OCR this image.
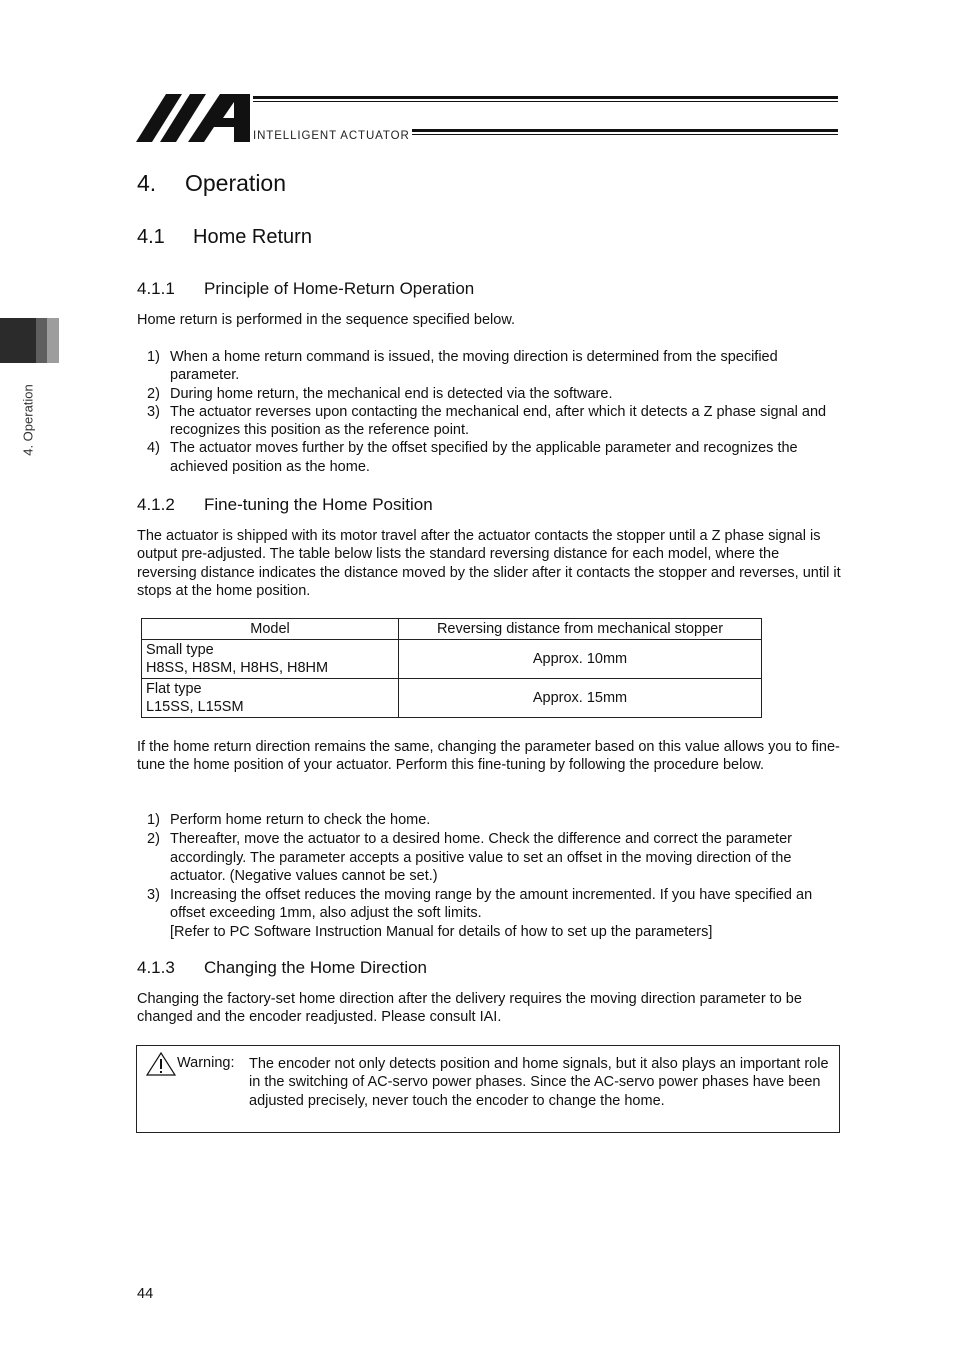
INTELLIGENT ACTUATOR
4. Operation
4. Operation
4.1 Home Return
4.1.1 Principle of Home-Return Operation
Home return is performed in the sequence specified below.
1) When a home return command is issued, the moving direction is determined from the specified parameter.
2) During home return, the mechanical end is detected via the software.
3) The actuator reverses upon contacting the mechanical end, after which it detects a Z phase signal and recognizes this position as the reference point.
4) The actuator moves further by the offset specified by the applicable parameter and recognizes the achieved position as the home.
4.1.2 Fine-tuning the Home Position
The actuator is shipped with its motor travel after the actuator contacts the stopper until a Z phase signal is output pre-adjusted. The table below lists the standard reversing distance for each model, where the reversing distance indicates the distance moved by the slider after it contacts the stopper and reverses, until it stops at the home position.
Model	Reversing distance from mechanical stopper

Small type
H8SS, H8SM, H8HS, H8HM	Approx. 10mm

Flat type
L15SS, L15SM	Approx. 15mm
If the home return direction remains the same, changing the parameter based on this value allows you to fine-tune the home position of your actuator. Perform this fine-tuning by following the procedure below.
1) Perform home return to check the home.
2) Thereafter, move the actuator to a desired home. Check the difference and correct the parameter accordingly. The parameter accepts a positive value to set an offset in the moving direction of the actuator. (Negative values cannot be set.)
3) Increasing the offset reduces the moving range by the amount incremented. If you have specified an offset exceeding 1mm, also adjust the soft limits.
[Refer to PC Software Instruction Manual for details of how to set up the parameters]
4.1.3 Changing the Home Direction
Changing the factory-set home direction after the delivery requires the moving direction parameter to be changed and the encoder readjusted. Please consult IAI.
Warning: The encoder not only detects position and home signals, but it also plays an important role in the switching of AC-servo power phases. Since the AC-servo power phases have been adjusted precisely, never touch the encoder to change the home.
44
